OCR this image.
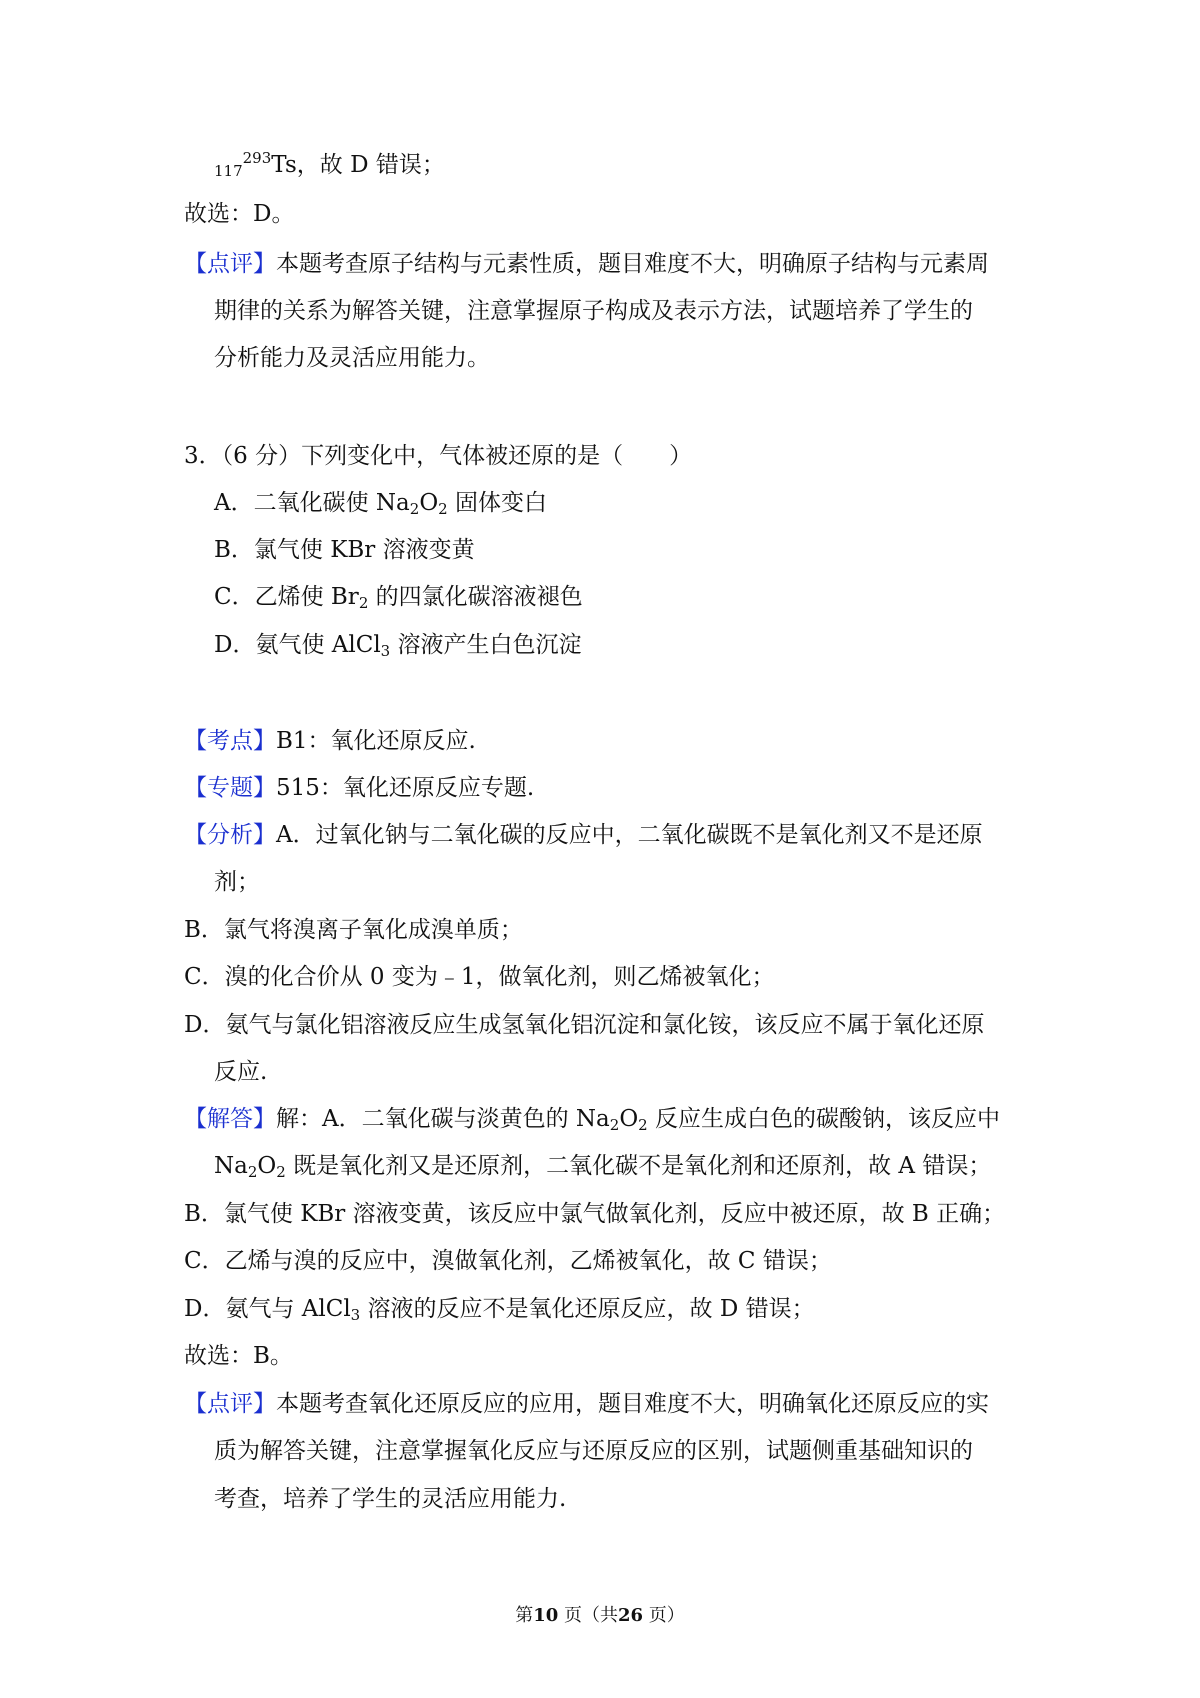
$_{117}^{293}$Ts，故 D 错误；
故选：D。
【点评】本题考查原子结构与元素性质，题目难度不大，明确原子结构与元素周
期律的关系为解答关键，注意掌握原子构成及表示方法，试题培养了学生的
分析能力及灵活应用能力。
3．（6 分）下列变化中，气体被还原的是（　　）
A．二氧化碳使 $Na_2O_2$ 固体变白
B．氯气使 KBr 溶液变黄
C．乙烯使 $Br_2$ 的四氯化碳溶液褪色
D．氨气使 AlCl$_3$ 溶液产生白色沉淀
【考点】B1：氧化还原反应.
【专题】515：氧化还原反应专题.
【分析】A．过氧化钠与二氧化碳的反应中，二氧化碳既不是氧化剂又不是还原
剂；
B．氯气将溴离子氧化成溴单质；
C．溴的化合价从 0 变为﹣1，做氧化剂，则乙烯被氧化；
D．氨气与氯化铝溶液反应生成氢氧化铝沉淀和氯化铵，该反应不属于氧化还原
反应.
【解答】解：A．二氧化碳与淡黄色的 $Na_2O_2$ 反应生成白色的碳酸钠，该反应中
$Na_2O_2$ 既是氧化剂又是还原剂，二氧化碳不是氧化剂和还原剂，故 A 错误；
B．氯气使 KBr 溶液变黄，该反应中氯气做氧化剂，反应中被还原，故 B 正确；
C．乙烯与溴的反应中，溴做氧化剂，乙烯被氧化，故 C 错误；
D．氨气与 AlCl$_3$ 溶液的反应不是氧化还原反应，故 D 错误；
故选：B。
【点评】本题考查氧化还原反应的应用，题目难度不大，明确氧化还原反应的实
质为解答关键，注意掌握氧化反应与还原反应的区别，试题侧重基础知识的
考查，培养了学生的灵活应用能力.
第10 页（共26 页）
